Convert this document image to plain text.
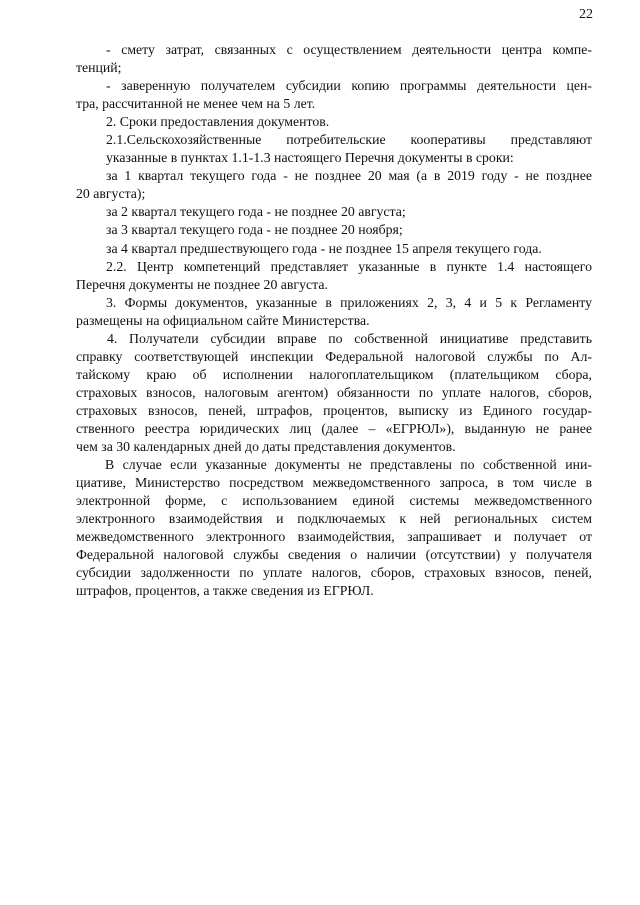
22
- смету затрат, связанных с осуществлением деятельности центра компе-
тенций;
- заверенную получателем субсидии копию программы деятельности цен-
тра, рассчитанной не менее чем на 5 лет.
2. Сроки предоставления документов.
2.1.Сельскохозяйственные потребительские кооперативы представляют
указанные в пунктах 1.1-1.3 настоящего Перечня документы в сроки:
за 1 квартал текущего года - не позднее 20 мая (а в 2019 году - не позднее
20 августа);
за 2 квартал текущего года - не позднее 20 августа;
за 3 квартал текущего года - не позднее 20 ноября;
за 4 квартал предшествующего года - не позднее 15 апреля текущего года.
2.2. Центр компетенций представляет указанные в пункте 1.4 настоящего
Перечня документы не позднее 20 августа.
3. Формы документов, указанные в приложениях 2, 3, 4 и 5 к Регламенту
размещены на официальном сайте Министерства.
4. Получатели субсидии вправе по собственной инициативе представить
справку соответствующей инспекции Федеральной налоговой службы по Ал-
тайскому краю об исполнении налогоплательщиком (плательщиком сбора,
страховых взносов, налоговым агентом) обязанности по уплате налогов, сборов,
страховых взносов, пеней, штрафов, процентов, выписку из Единого государ-
ственного реестра юридических лиц (далее – «ЕГРЮЛ»), выданную не ранее
чем за 30 календарных дней до даты представления документов.
В случае если указанные документы не представлены по собственной ини-
циативе, Министерство посредством межведомственного запроса, в том числе в
электронной форме, с использованием единой системы межведомственного
электронного взаимодействия и подключаемых к ней региональных систем
межведомственного электронного взаимодействия, запрашивает и получает от
Федеральной налоговой службы сведения о наличии (отсутствии) у получателя
субсидии задолженности по уплате налогов, сборов, страховых взносов, пеней,
штрафов, процентов, а также сведения из ЕГРЮЛ.
